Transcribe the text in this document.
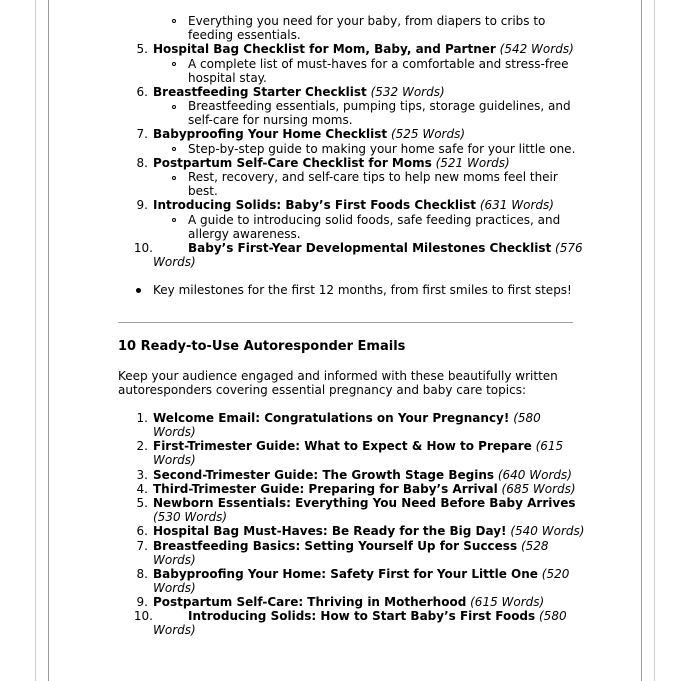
Everything you need for your baby, from diapers to cribs to
feeding essentials.
5. Hospital Bag Checklist for Mom, Baby, and Partner (542 Words)
A complete list of must-haves for a comfortable and stress-free
hospital stay.
6. Breastfeeding Starter Checklist (532 Words)
Breastfeeding essentials, pumping tips, storage guidelines, and
self-care for nursing moms.
7. Babyproofing Your Home Checklist (525 Words)
Step-by-step guide to making your home safe for your little one.
8. Postpartum Self-Care Checklist for Moms (521 Words)
Rest, recovery, and self-care tips to help new moms feel their
best.
9. Introducing Solids: Baby’s First Foods Checklist (631 Words)
A guide to introducing solid foods, safe feeding practices, and
allergy awareness.
10.	Baby’s First-Year Developmental Milestones Checklist (576
Words)
Key milestones for the first 12 months, from first smiles to first steps!
10 Ready-to-Use Autoresponder Emails
Keep your audience engaged and informed with these beautifully written
autoresponders covering essential pregnancy and baby care topics:
1. Welcome Email: Congratulations on Your Pregnancy! (580
Words)
2. First-Trimester Guide: What to Expect & How to Prepare (615
Words)
3. Second-Trimester Guide: The Growth Stage Begins (640 Words)
4. Third-Trimester Guide: Preparing for Baby’s Arrival (685 Words)
5. Newborn Essentials: Everything You Need Before Baby Arrives
(530 Words)
6. Hospital Bag Must-Haves: Be Ready for the Big Day! (540 Words)
7. Breastfeeding Basics: Setting Yourself Up for Success (528
Words)
8. Babyproofing Your Home: Safety First for Your Little One (520
Words)
9. Postpartum Self-Care: Thriving in Motherhood (615 Words)
10.	Introducing Solids: How to Start Baby’s First Foods (580
Words)
